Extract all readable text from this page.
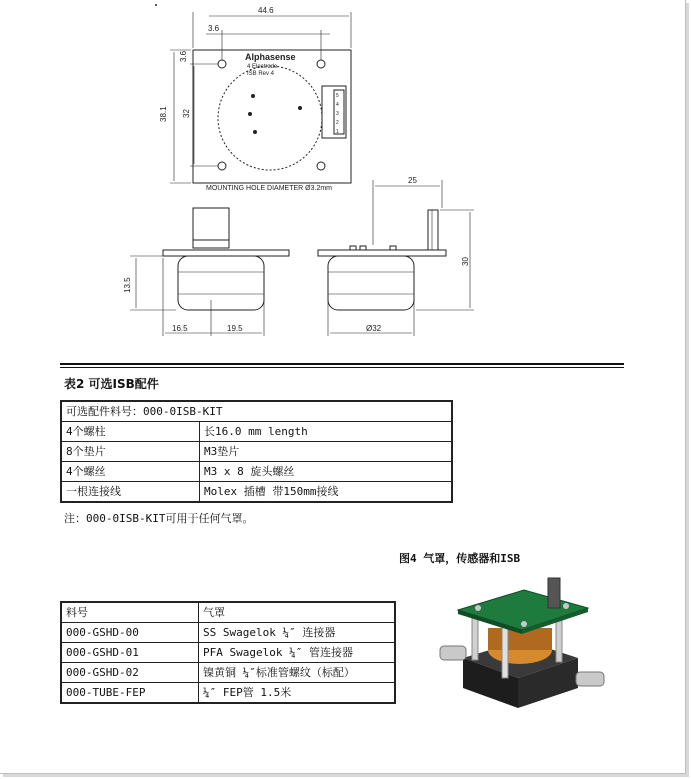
Alphasense
4 Electrode
ISB Rev 4
5
4
3
2
1
44.6
3.6
38.1 32
3.6
MOUNTING HOLE DIAMETER Ø3.2mm
13.5
16.5	19.5
25
30
Ø32
表2 可选ISB配件
可选配件料号：000-0ISB-KIT	
4个螺柱	长16.0 mm length
8个垫片	M3垫片
4个螺丝	M3 x 8 旋头螺丝
一根连接线	Molex 插槽 带150mm接线
注：000-0ISB-KIT可用于任何气罩。
图4 气罩，传感器和ISB
料号	气罩
000-GSHD-00	SS Swagelok ¼″ 连接器
000-GSHD-01	PFA Swagelok ¼″ 管连接器
000-GSHD-02	镍黄铜 ¼″标准管螺纹（标配）
000-TUBE-FEP	¼″ FEP管 1.5米
